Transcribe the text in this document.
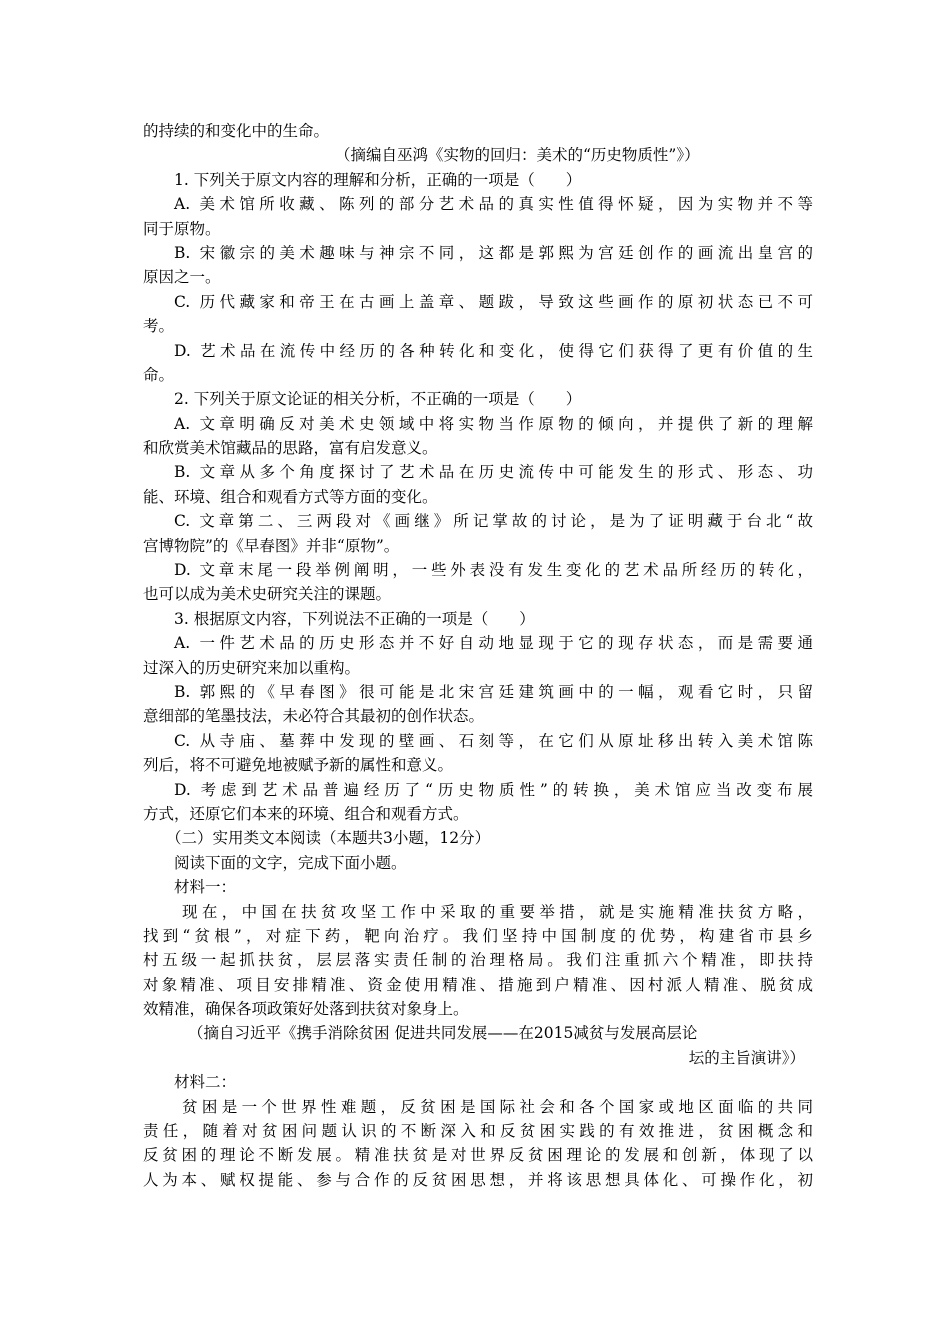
的持续的和变化中的生命。
（摘编自巫鸿《实物的回归：美术的“历史物质性”》）
1. 下列关于原文内容的理解和分析，正确的一项是（　　）
A. 美术馆所收藏、陈列的部分艺术品的真实性值得怀疑，因为实物并不等
同于原物。
B. 宋徽宗的美术趣味与神宗不同，这都是郭熙为宫廷创作的画流出皇宫的
原因之一。
C. 历代藏家和帝王在古画上盖章、题跋，导致这些画作的原初状态已不可
考。
D. 艺术品在流传中经历的各种转化和变化，使得它们获得了更有价值的生
命。
2. 下列关于原文论证的相关分析，不正确的一项是（　　）
A. 文章明确反对美术史领域中将实物当作原物的倾向，并提供了新的理解
和欣赏美术馆藏品的思路，富有启发意义。
B. 文章从多个角度探讨了艺术品在历史流传中可能发生的形式、形态、功
能、环境、组合和观看方式等方面的变化。
C. 文章第二、三两段对《画继》所记掌故的讨论，是为了证明藏于台北“故
宫博物院”的《早春图》并非“原物”。
D. 文章末尾一段举例阐明，一些外表没有发生变化的艺术品所经历的转化，
也可以成为美术史研究关注的课题。
3. 根据原文内容，下列说法不正确的一项是（　　）
A. 一件艺术品的历史形态并不好自动地显现于它的现存状态，而是需要通
过深入的历史研究来加以重构。
B. 郭熙的《早春图》很可能是北宋宫廷建筑画中的一幅，观看它时，只留
意细部的笔墨技法，未必符合其最初的创作状态。
C. 从寺庙、墓葬中发现的壁画、石刻等，在它们从原址移出转入美术馆陈
列后，将不可避免地被赋予新的属性和意义。
D. 考虑到艺术品普遍经历了“历史物质性”的转换，美术馆应当改变布展
方式，还原它们本来的环境、组合和观看方式。
（二）实用类文本阅读（本题共3小题，12分）
阅读下面的文字，完成下面小题。
材料一：
现在，中国在扶贫攻坚工作中采取的重要举措，就是实施精准扶贫方略，
找到“贫根”，对症下药，靶向治疗。我们坚持中国制度的优势，构建省市县乡
村五级一起抓扶贫，层层落实责任制的治理格局。我们注重抓六个精准，即扶持
对象精准、项目安排精准、资金使用精准、措施到户精准、因村派人精准、脱贫成
效精准，确保各项政策好处落到扶贫对象身上。
（摘自习近平《携手消除贫困 促进共同发展——在2015减贫与发展高层论
坛的主旨演讲》）
材料二：
贫困是一个世界性难题，反贫困是国际社会和各个国家或地区面临的共同
责任，随着对贫困问题认识的不断深入和反贫困实践的有效推进，贫困概念和
反贫困的理论不断发展。精准扶贫是对世界反贫困理论的发展和创新，体现了以
人为本、赋权提能、参与合作的反贫困思想，并将该思想具体化、可操作化，初
